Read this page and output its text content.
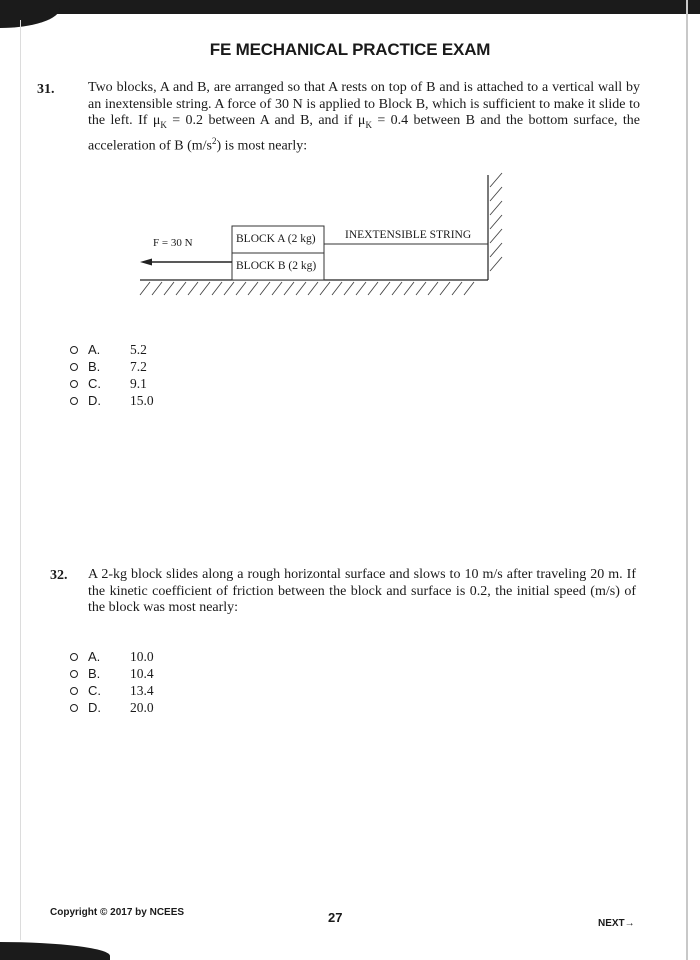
FE MECHANICAL PRACTICE EXAM
31. Two blocks, A and B, are arranged so that A rests on top of B and is attached to a vertical wall by an inextensible string. A force of 30 N is applied to Block B, which is sufficient to make it slide to the left. If $\mu_K = 0.2$ between A and B, and if $\mu_K = 0.4$ between B and the bottom surface, the acceleration of B $(m/s^2)$ is most nearly:
F = 30 N	BLOCK A (2 kg)
BLOCK B (2 kg)
INEXTENSIBLE STRING
A.	5.2
B.	7.2
C.	9.1
D.	15.0
32. A 2-kg block slides along a rough horizontal surface and slows to 10 m/s after traveling 20 m. If the kinetic coefficient of friction between the block and surface is 0.2, the initial speed (m/s) of the block was most nearly:
A.	10.0
B.	10.4
C.	13.4
D.	20.0
Copyright © 2017 by NCEES	27	NEXT→
